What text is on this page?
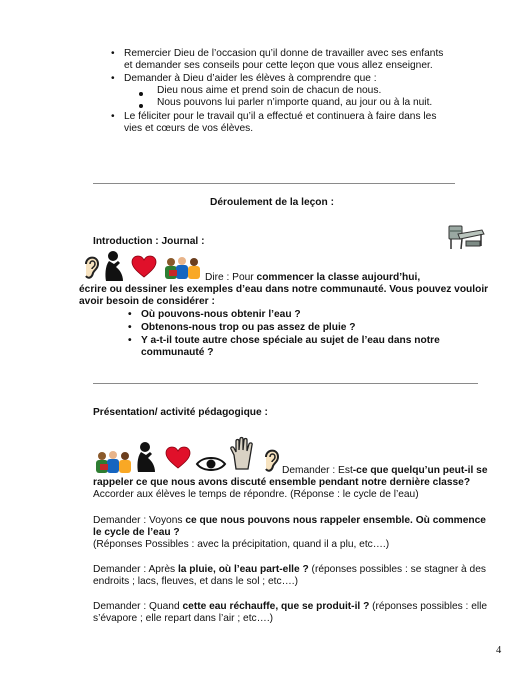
• Remercier Dieu de l’occasion qu’il donne de travailler avec ses enfants
et demander ses conseils pour cette leçon que vous allez enseigner.
• Demander à Dieu d’aider les élèves à comprendre que :
Dieu nous aime et prend soin de chacun de nous.
Nous pouvons lui parler n’importe quand, au jour ou à la nuit.
• Le féliciter pour le travail qu’il a effectué et continuera à faire dans les
vies et cœurs de vos élèves.
Déroulement de la leçon :
Introduction : Journal :
Dire : Pour commencer la classe aujourd’hui,
écrire ou dessiner les exemples d’eau dans notre communauté. Vous pouvez vouloir
avoir besoin de considérer :
• Où pouvons-nous obtenir l’eau ?
• Obtenons-nous trop ou pas assez de pluie ?
• Y a-t-il toute autre chose spéciale au sujet de l’eau dans notre
communauté ?
Présentation/ activité pédagogique :
Demander : Est-ce que quelqu’un peut-il se
rappeler ce que nous avons discuté ensemble pendant notre dernière classe?
Accorder aux élèves le temps de répondre. (Réponse : le cycle de l’eau)
Demander : Voyons ce que nous pouvons nous rappeler ensemble. Où commence
le cycle de l’eau ?
(Réponses Possibles : avec la précipitation, quand il a plu, etc….)
Demander : Après la pluie, où l’eau part-elle ? (réponses possibles : se stagner à des
endroits ; lacs, fleuves, et dans le sol ; etc….)
Demander : Quand cette eau réchauffe, que se produit-il ? (réponses possibles : elle
s’évapore ; elle repart dans l’air ; etc….)
4
